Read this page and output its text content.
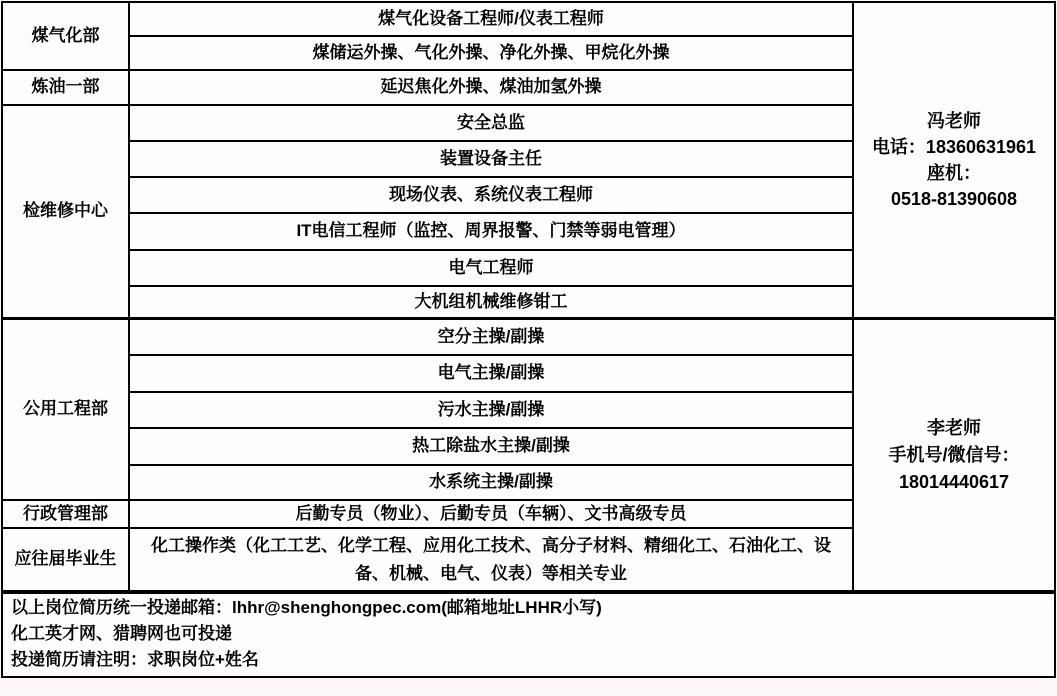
煤气化部
炼油一部
检维修中心
公用工程部
行政管理部
应往届毕业生
煤气化设备工程师/仪表工程师
煤储运外操、气化外操、净化外操、甲烷化外操
延迟焦化外操、煤油加氢外操
安全总监
装置设备主任
现场仪表、系统仪表工程师
IT电信工程师（监控、周界报警、门禁等弱电管理）
电气工程师
大机组机械维修钳工
空分主操/副操
电气主操/副操
污水主操/副操
热工除盐水主操/副操
水系统主操/副操
后勤专员（物业）、后勤专员（车辆）、文书高级专员
化工操作类（化工工艺、化学工程、应用化工技术、高分子材料、精细化工、石油化工、设备、机械、电气、仪表）等相关专业
冯老师
电话：18360631961
座机：
0518-81390608
李老师
手机号/微信号：
18014440617
以上岗位简历统一投递邮箱：lhhr@shenghongpec.com(邮箱地址LHHR小写)
化工英才网、猎聘网也可投递
投递简历请注明：求职岗位+姓名
